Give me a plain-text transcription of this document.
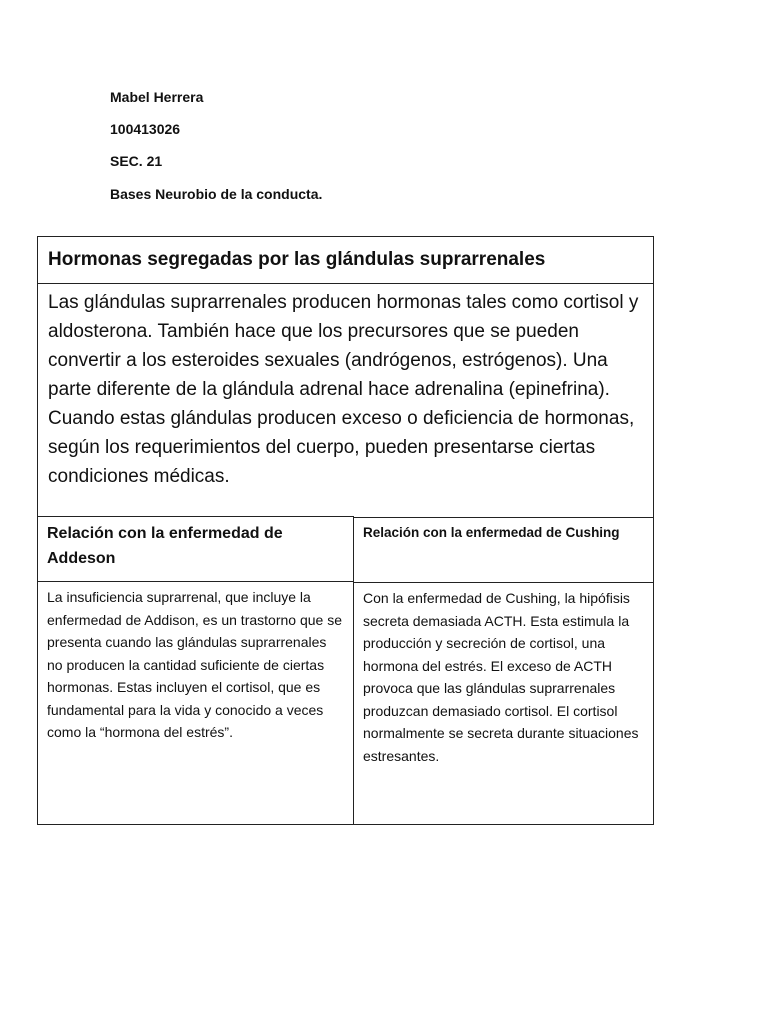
Mabel Herrera
100413026
SEC. 21
Bases Neurobio de la conducta.
Hormonas segregadas por las glándulas suprarrenales

Las glándulas suprarrenales producen hormonas tales como cortisol y aldosterona. También hace que los precursores que se pueden convertir a los esteroides sexuales (andrógenos, estrógenos). Una parte diferente de la glándula adrenal hace adrenalina (epinefrina). Cuando estas glándulas producen exceso o deficiencia de hormonas, según los requerimientos del cuerpo, pueden presentarse ciertas condiciones médicas.

Relación con la enfermedad de Addeson
Relación con la enfermedad de Cushing

La insuficiencia suprarrenal, que incluye la enfermedad de Addison, es un trastorno que se presenta cuando las glándulas suprarrenales no producen la cantidad suficiente de ciertas hormonas. Estas incluyen el cortisol, que es fundamental para la vida y conocido a veces como la “hormona del estrés”.

Con la enfermedad de Cushing, la hipófisis secreta demasiada ACTH. Esta estimula la producción y secreción de cortisol, una hormona del estrés. El exceso de ACTH provoca que las glándulas suprarrenales produzcan demasiado cortisol. El cortisol normalmente se secreta durante situaciones estresantes.
